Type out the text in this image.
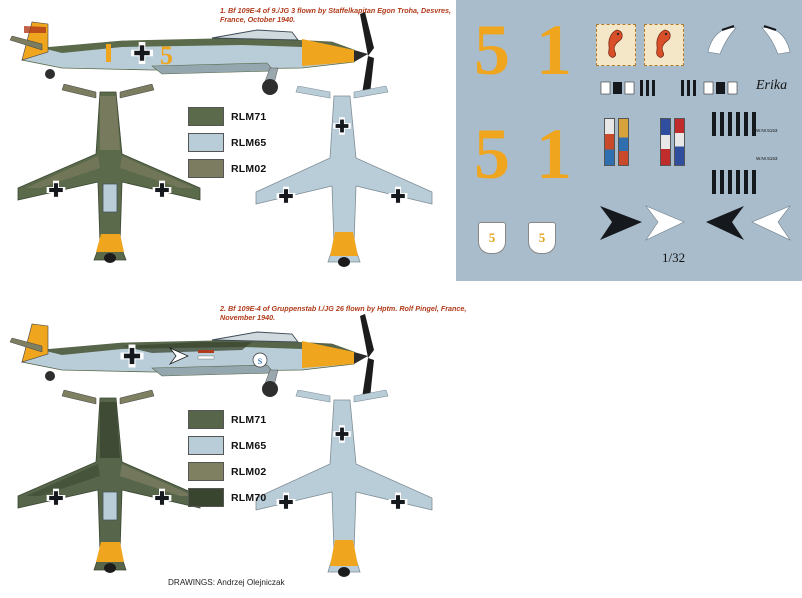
1. Bf 109E-4 of 9./JG 3 flown by Staffelkapitan Egon Troha, Desvres, France, October 1940.
5
RLM71
RLM65
RLM02
2. Bf 109E-4 of Gruppenstab I./JG 26 flown by Hptm. Rolf Pingel, France, November 1940.
S
RLM71
RLM65
RLM02
RLM70
DRAWINGS: Andrzej Olejniczak
5 1
5 1
Erika
W.Nr.5153
W.Nr.5153
5	5
1/32
